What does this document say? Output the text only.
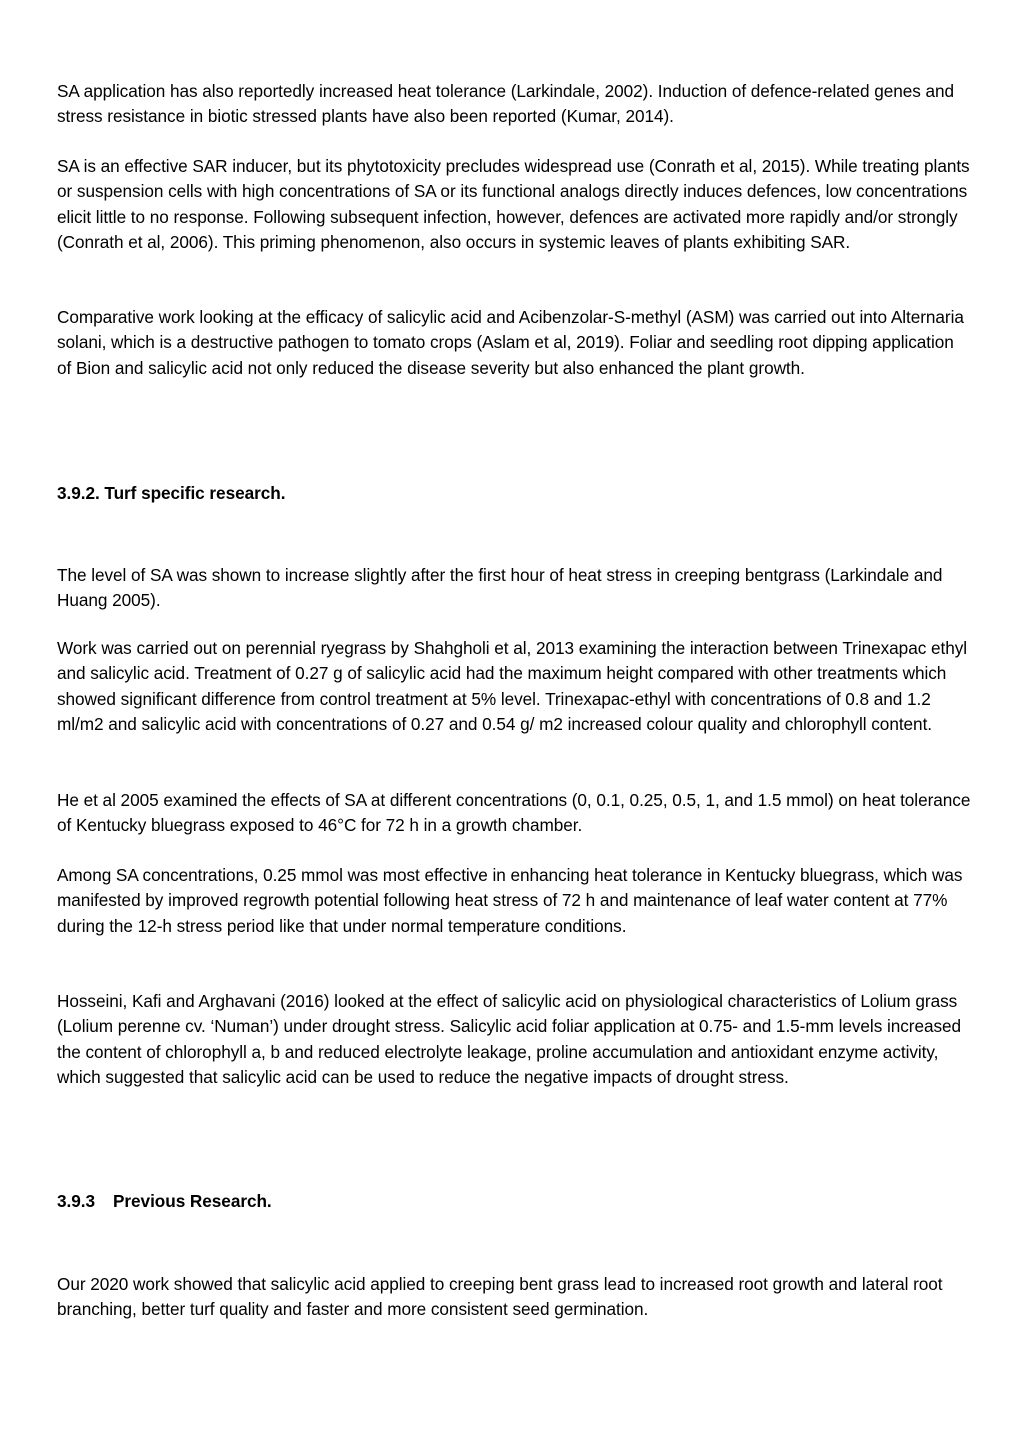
SA application has also reportedly increased heat tolerance (Larkindale, 2002). Induction of defence-related genes and stress resistance in biotic stressed plants have also been reported (Kumar, 2014).

SA is an effective SAR inducer, but its phytotoxicity precludes widespread use (Conrath et al, 2015). While treating plants or suspension cells with high concentrations of SA or its functional analogs directly induces defences, low concentrations elicit little to no response. Following subsequent infection, however, defences are activated more rapidly and/or strongly (Conrath et al, 2006). This priming phenomenon, also occurs in systemic leaves of plants exhibiting SAR.

Comparative work looking at the efficacy of salicylic acid and Acibenzolar-S-methyl (ASM) was carried out into Alternaria solani, which is a destructive pathogen to tomato crops (Aslam et al, 2019). Foliar and seedling root dipping application of Bion and salicylic acid not only reduced the disease severity but also enhanced the plant growth.

3.9.2. Turf specific research.

The level of SA was shown to increase slightly after the first hour of heat stress in creeping bentgrass (Larkindale and Huang 2005).

Work was carried out on perennial ryegrass by Shahgholi et al, 2013 examining the interaction between Trinexapac ethyl and salicylic acid. Treatment of 0.27 g of salicylic acid had the maximum height compared with other treatments which showed significant difference from control treatment at 5% level. Trinexapac-ethyl with concentrations of 0.8 and 1.2 ml/m2 and salicylic acid with concentrations of 0.27 and 0.54 g/ m2 increased colour quality and chlorophyll content.

He et al 2005 examined the effects of SA at different concentrations (0, 0.1, 0.25, 0.5, 1, and 1.5 mmol) on heat tolerance of Kentucky bluegrass exposed to 46°C for 72 h in a growth chamber.

Among SA concentrations, 0.25 mmol was most effective in enhancing heat tolerance in Kentucky bluegrass, which was manifested by improved regrowth potential following heat stress of 72 h and maintenance of leaf water content at 77% during the 12-h stress period like that under normal temperature conditions.

Hosseini, Kafi and Arghavani (2016) looked at the effect of salicylic acid on physiological characteristics of Lolium grass (Lolium perenne cv. ‘Numan’) under drought stress. Salicylic acid foliar application at 0.75- and 1.5-mm levels increased the content of chlorophyll a, b and reduced electrolyte leakage, proline accumulation and antioxidant enzyme activity, which suggested that salicylic acid can be used to reduce the negative impacts of drought stress.

3.9.3 Previous Research.

Our 2020 work showed that salicylic acid applied to creeping bent grass lead to increased root growth and lateral root branching, better turf quality and faster and more consistent seed germination.
